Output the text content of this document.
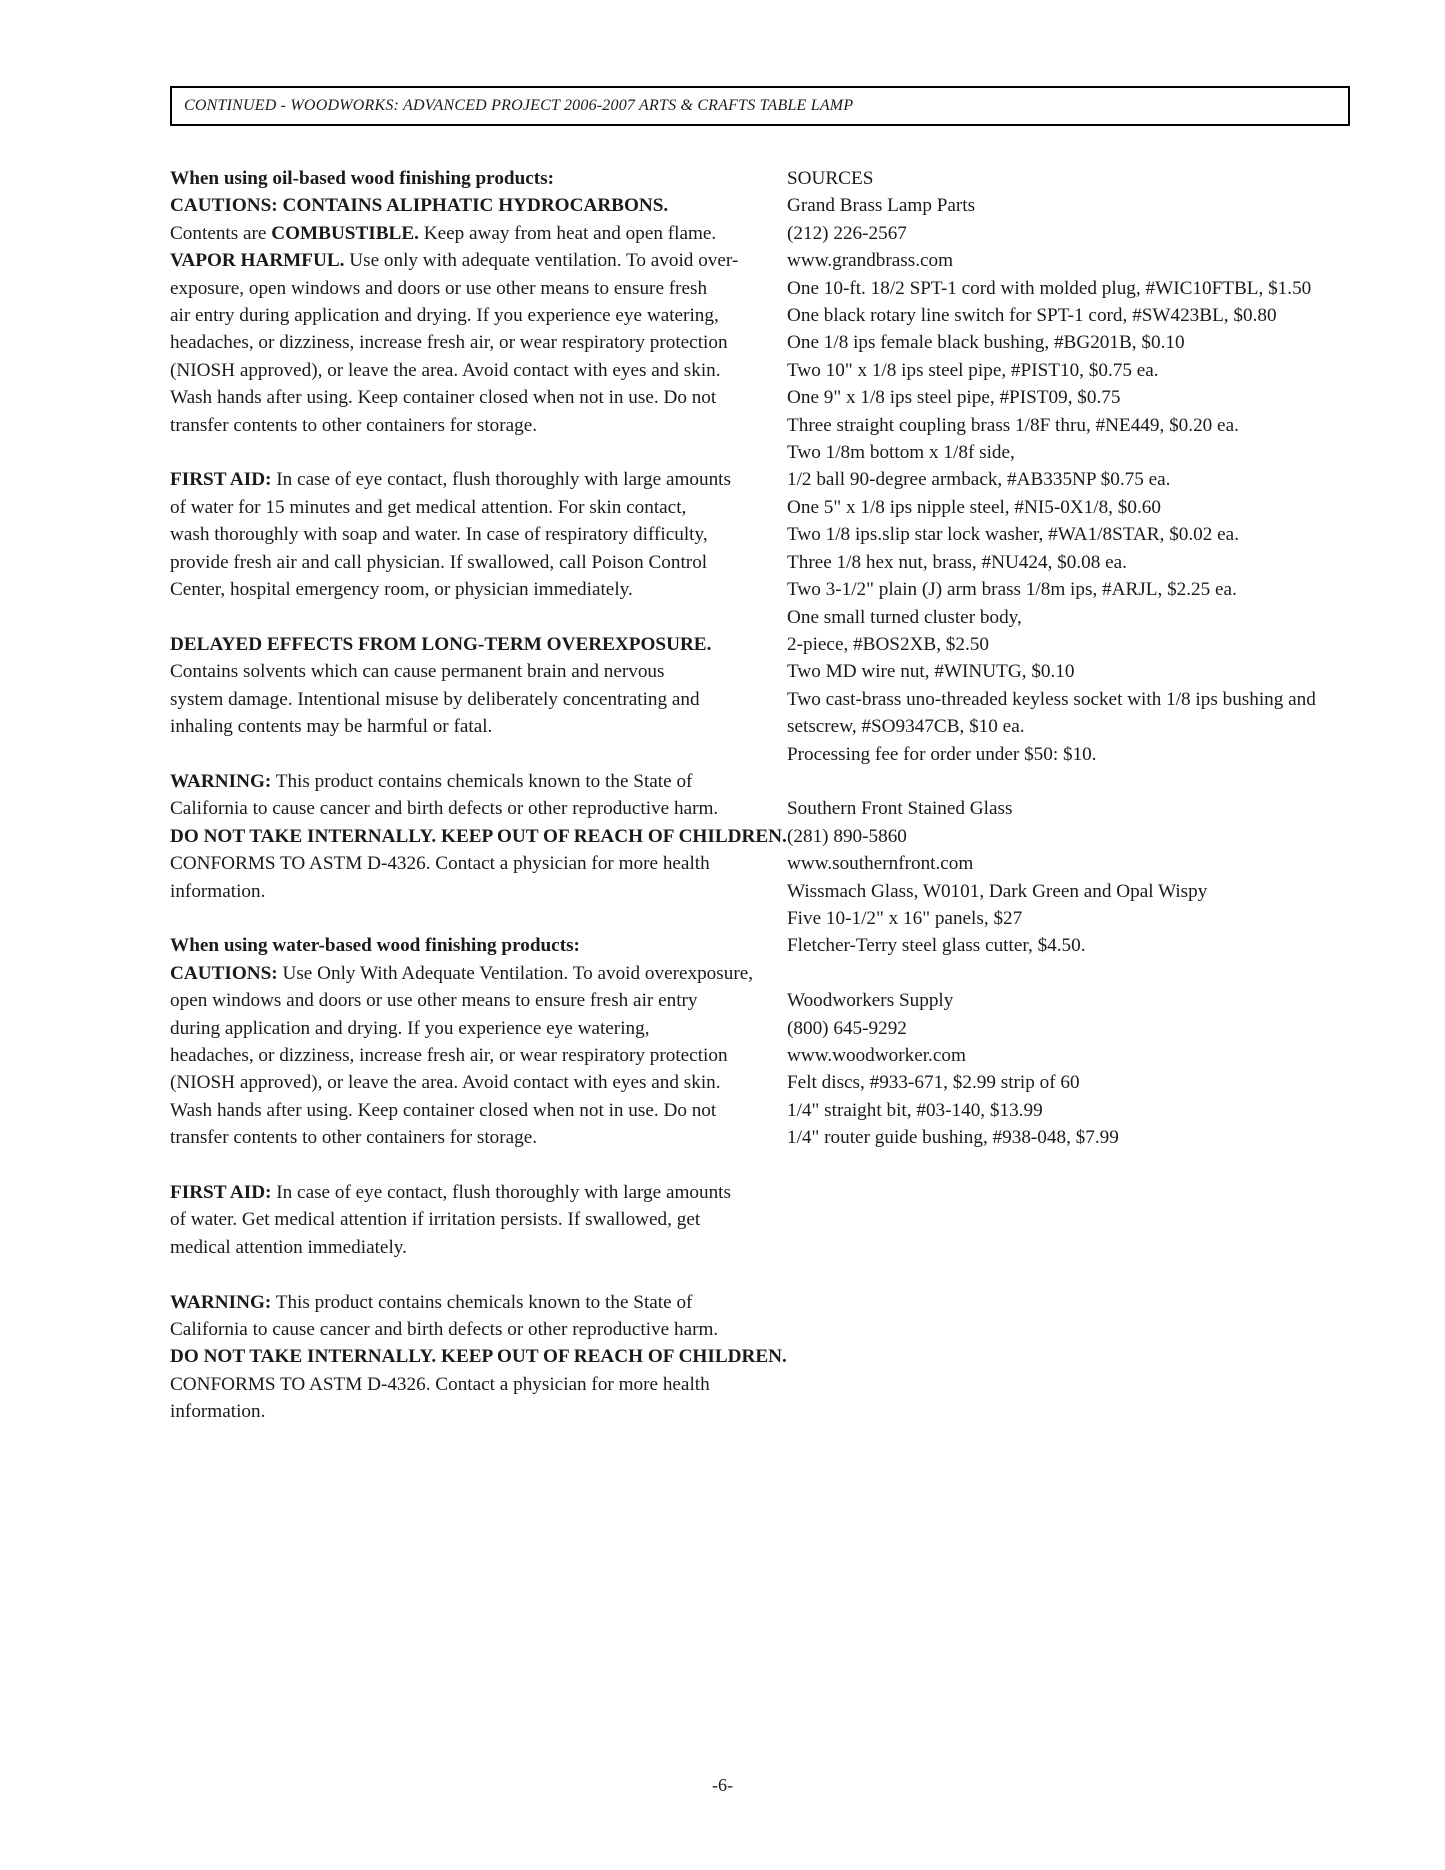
CONTINUED - WOODWORKS: ADVANCED PROJECT 2006-2007 ARTS & CRAFTS TABLE LAMP
When using oil-based wood finishing products:
CAUTIONS: CONTAINS ALIPHATIC HYDROCARBONS.
Contents are COMBUSTIBLE. Keep away from heat and open flame.
VAPOR HARMFUL. Use only with adequate ventilation. To avoid over-
exposure, open windows and doors or use other means to ensure fresh
air entry during application and drying. If you experience eye watering,
headaches, or dizziness, increase fresh air, or wear respiratory protection
(NIOSH approved), or leave the area. Avoid contact with eyes and skin.
Wash hands after using. Keep container closed when not in use. Do not
transfer contents to other containers for storage.
FIRST AID: In case of eye contact, flush thoroughly with large amounts
of water for 15 minutes and get medical attention. For skin contact,
wash thoroughly with soap and water. In case of respiratory difficulty,
provide fresh air and call physician. If swallowed, call Poison Control
Center, hospital emergency room, or physician immediately.
DELAYED EFFECTS FROM LONG-TERM OVEREXPOSURE.
Contains solvents which can cause permanent brain and nervous
system damage. Intentional misuse by deliberately concentrating and
inhaling contents may be harmful or fatal.
WARNING: This product contains chemicals known to the State of
California to cause cancer and birth defects or other reproductive harm.
DO NOT TAKE INTERNALLY. KEEP OUT OF REACH OF CHILDREN.
CONFORMS TO ASTM D-4326. Contact a physician for more health
information.
When using water-based wood finishing products:
CAUTIONS: Use Only With Adequate Ventilation. To avoid overexposure,
open windows and doors or use other means to ensure fresh air entry
during application and drying. If you experience eye watering,
headaches, or dizziness, increase fresh air, or wear respiratory protection
(NIOSH approved), or leave the area. Avoid contact with eyes and skin.
Wash hands after using. Keep container closed when not in use. Do not
transfer contents to other containers for storage.
FIRST AID: In case of eye contact, flush thoroughly with large amounts
of water. Get medical attention if irritation persists. If swallowed, get
medical attention immediately.
WARNING: This product contains chemicals known to the State of
California to cause cancer and birth defects or other reproductive harm.
DO NOT TAKE INTERNALLY. KEEP OUT OF REACH OF CHILDREN.
CONFORMS TO ASTM D-4326. Contact a physician for more health
information.
SOURCES
Grand Brass Lamp Parts
(212) 226-2567
www.grandbrass.com
One 10-ft. 18/2 SPT-1 cord with molded plug, #WIC10FTBL, $1.50
One black rotary line switch for SPT-1 cord, #SW423BL, $0.80
One 1/8 ips female black bushing, #BG201B, $0.10
Two 10" x 1/8 ips steel pipe, #PIST10, $0.75 ea.
One 9" x 1/8 ips steel pipe, #PIST09, $0.75
Three straight coupling brass 1/8F thru, #NE449, $0.20 ea.
Two 1/8m bottom x 1/8f side,
1/2 ball 90-degree armback, #AB335NP $0.75 ea.
One 5" x 1/8 ips nipple steel, #NI5-0X1/8, $0.60
Two 1/8 ips.slip star lock washer, #WA1/8STAR, $0.02 ea.
Three 1/8 hex nut, brass, #NU424, $0.08 ea.
Two 3-1/2" plain (J) arm brass 1/8m ips, #ARJL, $2.25 ea.
One small turned cluster body,
2-piece, #BOS2XB, $2.50
Two MD wire nut, #WINUTG, $0.10
Two cast-brass uno-threaded keyless socket with 1/8 ips bushing and
setscrew, #SO9347CB, $10 ea.
Processing fee for order under $50: $10.
Southern Front Stained Glass
(281) 890-5860
www.southernfront.com
Wissmach Glass, W0101, Dark Green and Opal Wispy
Five 10-1/2" x 16" panels, $27
Fletcher-Terry steel glass cutter, $4.50.
Woodworkers Supply
(800) 645-9292
www.woodworker.com
Felt discs, #933-671, $2.99 strip of 60
1/4" straight bit, #03-140, $13.99
1/4" router guide bushing, #938-048, $7.99
-6-
